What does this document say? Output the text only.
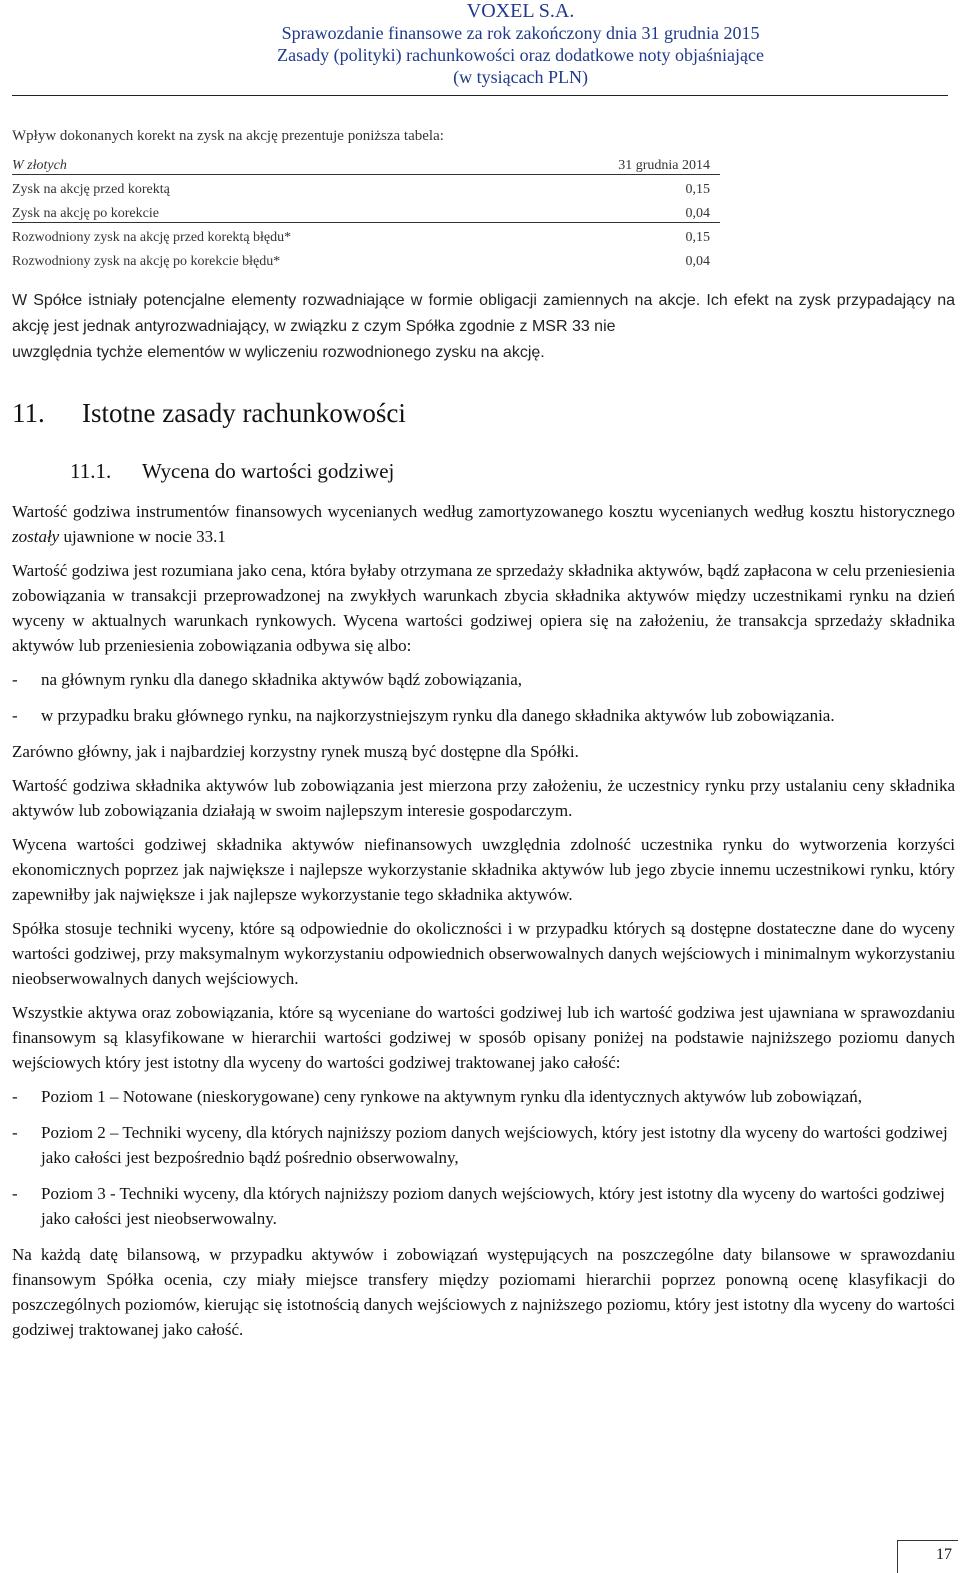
VOXEL S.A.
Sprawozdanie finansowe za rok zakończony dnia 31 grudnia 2015
Zasady (polityki) rachunkowości oraz dodatkowe noty objaśniające
(w tysiącach PLN)
Wpływ dokonanych korekt na zysk na akcję prezentuje poniższa tabela:
W złotych	31 grudnia 2014
Zysk na akcję przed korektą	0,15
Zysk na akcję po korekcie	0,04
Rozwodniony zysk na akcję przed korektą błędu*	0,15
Rozwodniony zysk na akcję po korekcie błędu*	0,04
W Spółce istniały potencjalne elementy rozwadniające w formie obligacji zamiennych na akcje. Ich efekt na zysk przypadający na akcję jest jednak antyrozwadniający, w związku z czym Spółka zgodnie z MSR 33 nie
uwzględnia tychże elementów w wyliczeniu rozwodnionego zysku na akcję.
11. Istotne zasady rachunkowości
11.1. Wycena do wartości godziwej

Wartość godziwa instrumentów finansowych wycenianych według zamortyzowanego kosztu wycenianych według kosztu historycznego zostały ujawnione w nocie 33.1

Wartość godziwa jest rozumiana jako cena, która byłaby otrzymana ze sprzedaży składnika aktywów, bądź zapłacona w celu przeniesienia zobowiązania w transakcji przeprowadzonej na zwykłych warunkach zbycia składnika aktywów między uczestnikami rynku na dzień wyceny w aktualnych warunkach rynkowych. Wycena wartości godziwej opiera się na założeniu, że transakcja sprzedaży składnika aktywów lub przeniesienia zobowiązania odbywa się albo:

-	na głównym rynku dla danego składnika aktywów bądź zobowiązania,
-	w przypadku braku głównego rynku, na najkorzystniejszym rynku dla danego składnika aktywów lub zobowiązania.

Zarówno główny, jak i najbardziej korzystny rynek muszą być dostępne dla Spółki.

Wartość godziwa składnika aktywów lub zobowiązania jest mierzona przy założeniu, że uczestnicy rynku przy ustalaniu ceny składnika aktywów lub zobowiązania działają w swoim najlepszym interesie gospodarczym.

Wycena wartości godziwej składnika aktywów niefinansowych uwzględnia zdolność uczestnika rynku do wytworzenia korzyści ekonomicznych poprzez jak największe i najlepsze wykorzystanie składnika aktywów lub jego zbycie innemu uczestnikowi rynku, który zapewniłby jak największe i jak najlepsze wykorzystanie tego składnika aktywów.

Spółka stosuje techniki wyceny, które są odpowiednie do okoliczności i w przypadku których są dostępne dostateczne dane do wyceny wartości godziwej, przy maksymalnym wykorzystaniu odpowiednich obserwowalnych danych wejściowych i minimalnym wykorzystaniu nieobserwowalnych danych wejściowych.

Wszystkie aktywa oraz zobowiązania, które są wyceniane do wartości godziwej lub ich wartość godziwa jest ujawniana w sprawozdaniu finansowym są klasyfikowane w hierarchii wartości godziwej w sposób opisany poniżej na podstawie najniższego poziomu danych wejściowych który jest istotny dla wyceny do wartości godziwej traktowanej jako całość:

-	Poziom 1 – Notowane (nieskorygowane) ceny rynkowe na aktywnym rynku dla identycznych aktywów lub zobowiązań,
-	Poziom 2 – Techniki wyceny, dla których najniższy poziom danych wejściowych, który jest istotny dla wyceny do wartości godziwej jako całości jest bezpośrednio bądź pośrednio obserwowalny,
-	Poziom 3 - Techniki wyceny, dla których najniższy poziom danych wejściowych, który jest istotny dla wyceny do wartości godziwej jako całości jest nieobserwowalny.

Na każdą datę bilansową, w przypadku aktywów i zobowiązań występujących na poszczególne daty bilansowe w sprawozdaniu finansowym Spółka ocenia, czy miały miejsce transfery między poziomami hierarchii poprzez ponowną ocenę klasyfikacji do poszczególnych poziomów, kierując się istotnością danych wejściowych z najniższego poziomu, który jest istotny dla wyceny do wartości godziwej traktowanej jako całość.

17
